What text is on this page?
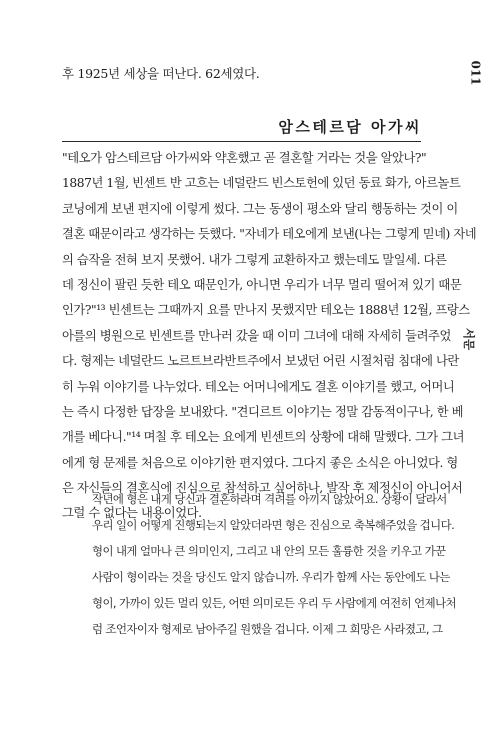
후 1925년 세상을 떠난다. 62세였다.	011
서문
암스테르담 아가씨
"테오가 암스테르담 아가씨와 약혼했고 곧 결혼할 거라는 것을 알았나?"
1887년 1월, 빈센트 반 고흐는 네덜란드 빈스토헌에 있던 동료 화가, 아르놀트
코닝에게 보낸 편지에 이렇게 썼다. 그는 동생이 평소와 달리 행동하는 것이 이
결혼 때문이라고 생각하는 듯했다. "자네가 테오에게 보낸(나는 그렇게 믿네) 자네
의 습작을 전혀 보지 못했어. 내가 그렇게 교환하자고 했는데도 말일세. 다른
데 정신이 팔린 듯한 테오 때문인가, 아니면 우리가 너무 멀리 떨어져 있기 때문
인가?"¹³ 빈센트는 그때까지 요를 만나지 못했지만 테오는 1888년 12월, 프랑스
아를의 병원으로 빈센트를 만나러 갔을 때 이미 그녀에 대해 자세히 들려주었
다. 형제는 네덜란드 노르트브라반트주에서 보냈던 어린 시절처럼 침대에 나란
히 누워 이야기를 나누었다. 테오는 어머니에게도 결혼 이야기를 했고, 어머니
는 즉시 다정한 답장을 보내왔다. "견디르트 이야기는 정말 감동적이구나, 한 베
개를 베다니."¹⁴ 며칠 후 테오는 요에게 빈센트의 상황에 대해 말했다. 그가 그녀
에게 형 문제를 처음으로 이야기한 편지였다. 그다지 좋은 소식은 아니었다. 형
은 자신들의 결혼식에 진심으로 참석하고 싶어하나, 발작 후 제정신이 아니어서
그럴 수 없다는 내용이었다.
작년에 형은 내게 당신과 결혼하라며 격려를 아끼지 않았어요. 상황이 달라서
우리 일이 어떻게 진행되는지 알았더라면 형은 진심으로 축복해주었을 겁니다.
형이 내게 얼마나 큰 의미인지, 그리고 내 안의 모든 훌륭한 것을 키우고 가꾼
사람이 형이라는 것을 당신도 알지 않습니까. 우리가 함께 사는 동안에도 나는
형이, 가까이 있든 멀리 있든, 어떤 의미로든 우리 두 사람에게 여전히 언제나처
럼 조언자이자 형제로 남아주길 원했을 겁니다. 이제 그 희망은 사라졌고, 그
